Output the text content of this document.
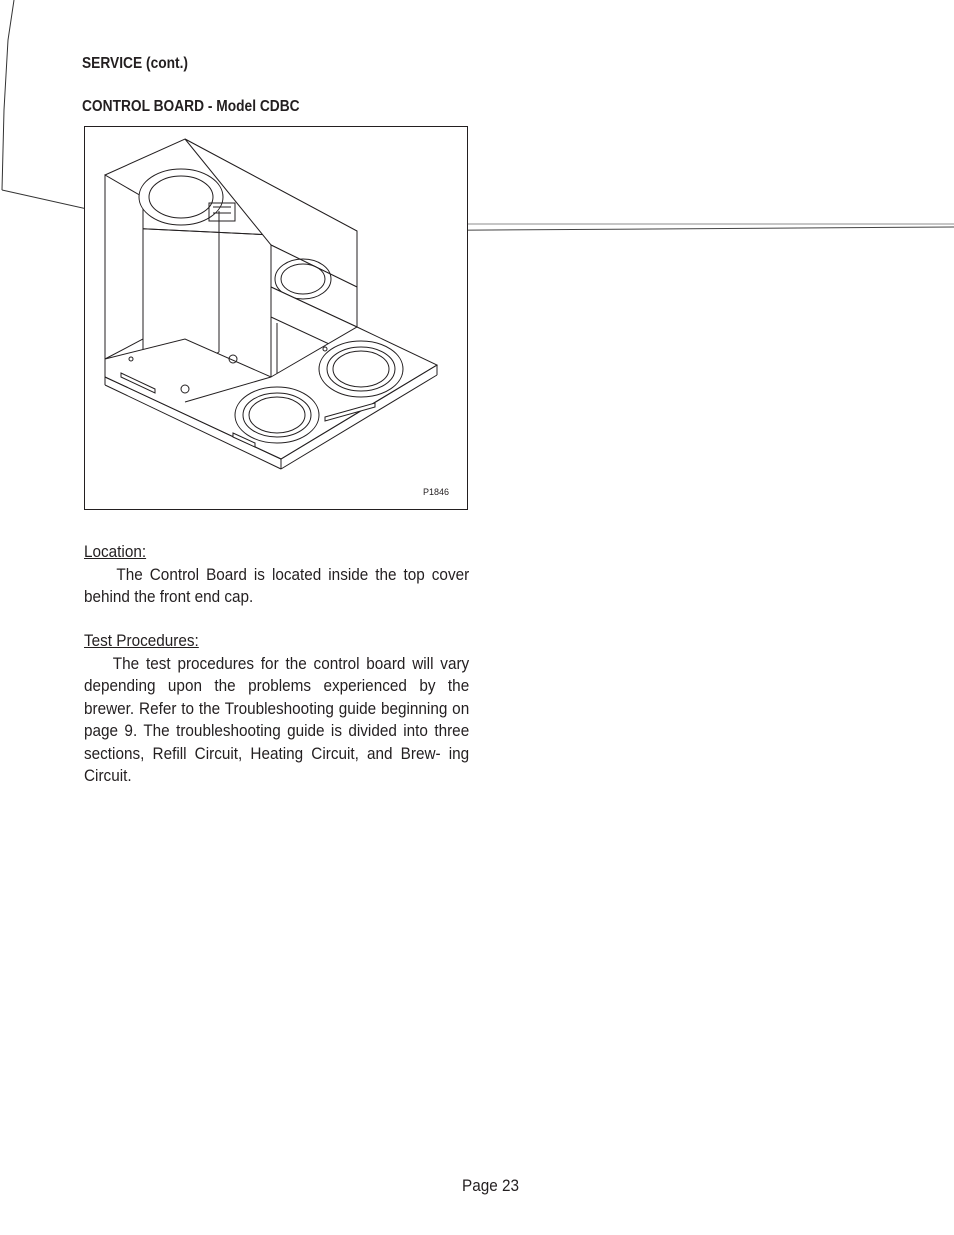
SERVICE (cont.)
CONTROL BOARD - Model CDBC
P1846
Location:
The Control Board is located inside the top cover behind the front end cap.
Test Procedures:
The test procedures for the control board will vary depending upon the problems experienced by the brewer. Refer to the Troubleshooting guide beginning on page 9. The troubleshooting guide is divided into three sections, Refill Circuit, Heating Circuit, and Brew- ing Circuit.
Page 23
